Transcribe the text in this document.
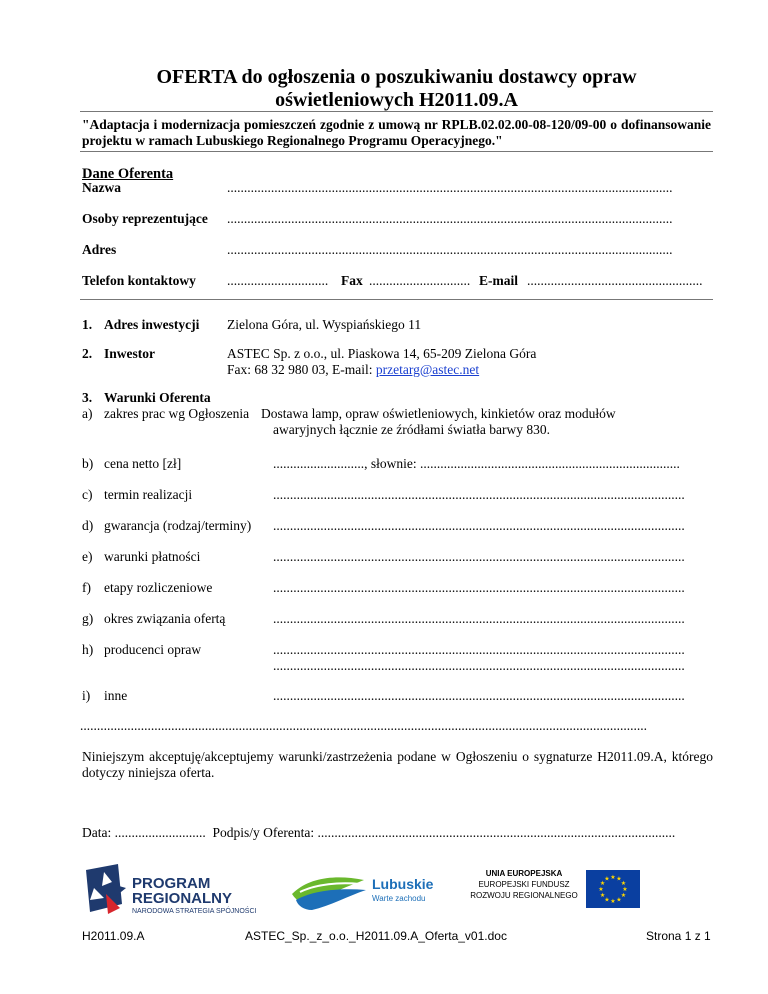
OFERTA do ogłoszenia o poszukiwaniu dostawcy opraw
oświetleniowych H2011.09.A
"Adaptacja i modernizacja pomieszczeń zgodnie z umową nr RPLB.02.02.00-08-120/09-00 o dofinansowanie projektu w ramach Lubuskiego Regionalnego Programu Operacyjnego."
Dane Oferenta
Nazwa	....................................................................................................................................
Osoby reprezentujące ....................................................................................................................................
Adres	....................................................................................................................................
Telefon kontaktowy .............................. Fax .............................. E-mail ....................................................
1. Adres inwestycji Zielona Góra, ul. Wyspiańskiego 11
2. Inwestor	ASTEC Sp. z o.o., ul. Piaskowa 14, 65-209 Zielona Góra
Fax: 68 32 980 03, E-mail: przetarg@astec.net
3. Warunki Oferenta
a) zakres prac wg Ogłoszenia Dostawa lamp, opraw oświetleniowych, kinkietów oraz modułów
awaryjnych łącznie ze źródłami światła barwy 830.
b) cena netto [zł]	..........................., słownie: .............................................................................
c) termin realizacji	..........................................................................................................................
d) gwarancja (rodzaj/terminy) ..........................................................................................................................
e) warunki płatności	..........................................................................................................................
f) etapy rozliczeniowe	..........................................................................................................................
g) okres związania ofertą	..........................................................................................................................
h) producenci opraw	..........................................................................................................................
..........................................................................................................................
i) inne	..........................................................................................................................
........................................................................................................................................................................
Niniejszym akceptuję/akceptujemy warunki/zastrzeżenia podane w Ogłoszeniu o sygnaturze H2011.09.A, którego dotyczy niniejsza oferta.
Data: ........................... Podpis/y Oferenta: ..........................................................................................................
PROGRAM
REGIONALNY
NARODOWA STRATEGIA SPÓJNOŚCI
Lubuskie
Warte zachodu
UNIA EUROPEJSKA
EUROPEJSKI FUNDUSZ
ROZWOJU REGIONALNEGO
★ ★
★
★
★
★
★
★
★
★
★
★
H2011.09.A	ASTEC_Sp._z_o.o._H2011.09.A_Oferta_v01.doc	Strona 1 z 1
